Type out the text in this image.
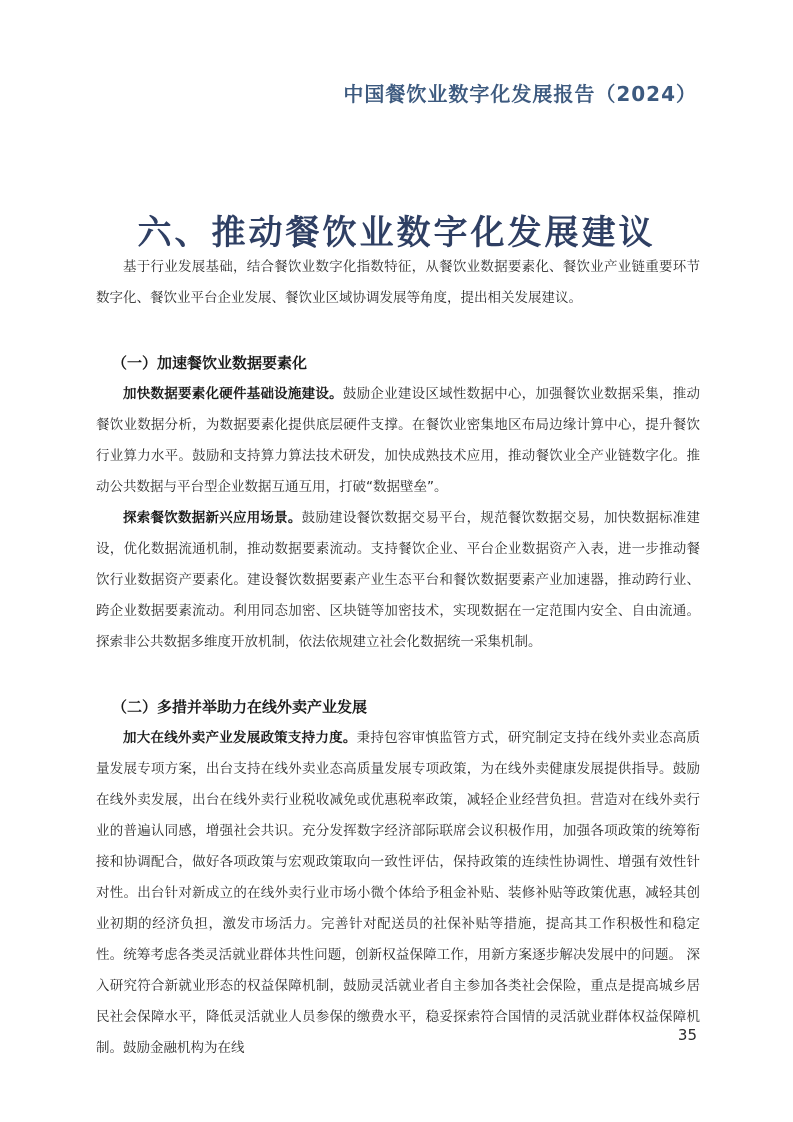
中国餐饮业数字化发展报告（2024）
六、推动餐饮业数字化发展建议

基于行业发展基础，结合餐饮业数字化指数特征，从餐饮业数据要素化、餐饮业产业链重要环节数字化、餐饮业平台企业发展、餐饮业区域协调发展等角度，提出相关发展建议。

（一）加速餐饮业数据要素化

加快数据要素化硬件基础设施建设。鼓励企业建设区域性数据中心，加强餐饮业数据采集，推动餐饮业数据分析，为数据要素化提供底层硬件支撑。在餐饮业密集地区布局边缘计算中心，提升餐饮行业算力水平。鼓励和支持算力算法技术研发，加快成熟技术应用，推动餐饮业全产业链数字化。推动公共数据与平台型企业数据互通互用，打破“数据壁垒”。

探索餐饮数据新兴应用场景。鼓励建设餐饮数据交易平台，规范餐饮数据交易，加快数据标准建设，优化数据流通机制，推动数据要素流动。支持餐饮企业、平台企业数据资产入表，进一步推动餐饮行业数据资产要素化。建设餐饮数据要素产业生态平台和餐饮数据要素产业加速器，推动跨行业、跨企业数据要素流动。利用同态加密、区块链等加密技术，实现数据在一定范围内安全、自由流通。探索非公共数据多维度开放机制，依法依规建立社会化数据统一采集机制。

（二）多措并举助力在线外卖产业发展

加大在线外卖产业发展政策支持力度。秉持包容审慎监管方式，研究制定支持在线外卖业态高质量发展专项方案，出台支持在线外卖业态高质量发展专项政策，为在线外卖健康发展提供指导。鼓励在线外卖发展，出台在线外卖行业税收减免或优惠税率政策，减轻企业经营负担。营造对在线外卖行业的普遍认同感，增强社会共识。充分发挥数字经济部际联席会议积极作用，加强各项政策的统筹衔接和协调配合，做好各项政策与宏观政策取向一致性评估，保持政策的连续性协调性、增强有效性针对性。出台针对新成立的在线外卖行业市场小微个体给予租金补贴、装修补贴等政策优惠，减轻其创业初期的经济负担，激发市场活力。完善针对配送员的社保补贴等措施，提高其工作积极性和稳定性。统筹考虑各类灵活就业群体共性问题，创新权益保障工作，用新方案逐步解决发展中的问题。 深入研究符合新就业形态的权益保障机制，鼓励灵活就业者自主参加各类社会保险，重点是提高城乡居民社会保障水平，降低灵活就业人员参保的缴费水平，稳妥探索符合国情的灵活就业群体权益保障机制。鼓励金融机构为在线

35
